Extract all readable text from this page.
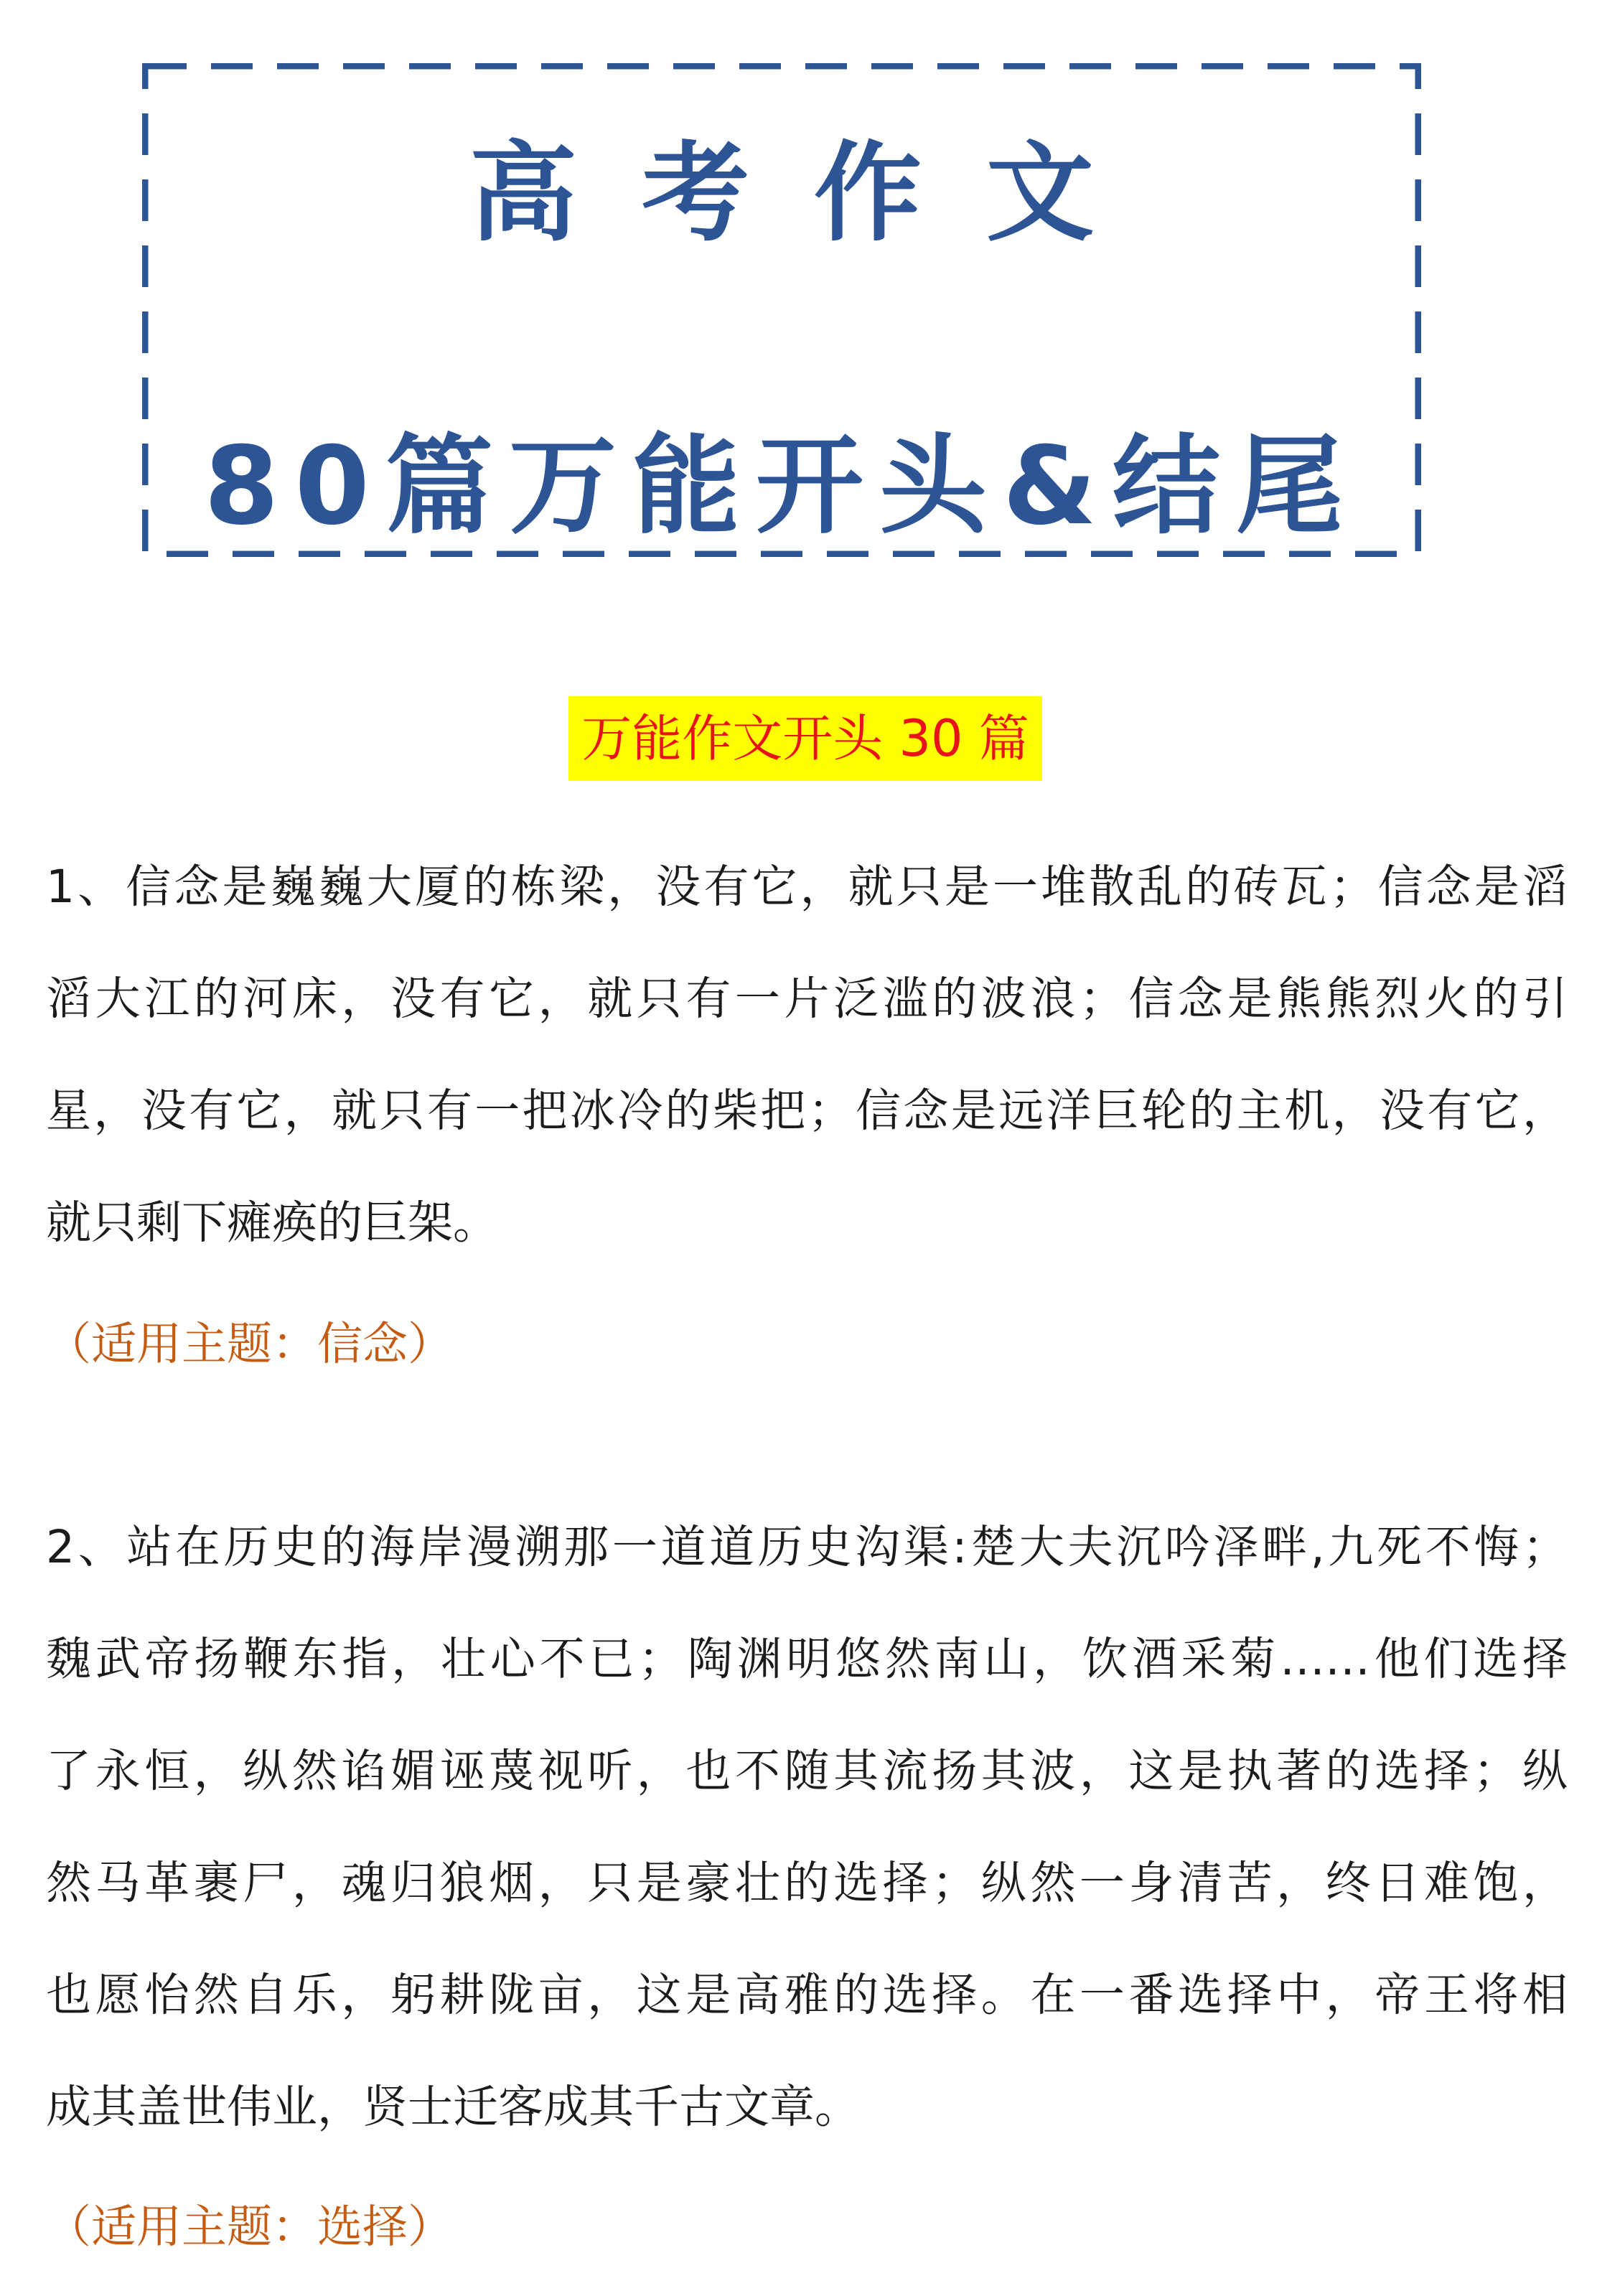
高考作文
80篇万能开头&结尾
万能作文开头 30 篇
1、信念是巍巍大厦的栋梁，没有它，就只是一堆散乱的砖瓦；信念是滔
滔大江的河床，没有它，就只有一片泛滥的波浪；信念是熊熊烈火的引
星，没有它，就只有一把冰冷的柴把；信念是远洋巨轮的主机，没有它，
就只剩下瘫痪的巨架。
（适用主题：信念）
2、站在历史的海岸漫溯那一道道历史沟渠:楚大夫沉吟泽畔,九死不悔；
魏武帝扬鞭东指，壮心不已；陶渊明悠然南山，饮酒采菊……他们选择
了永恒，纵然谄媚诬蔑视听，也不随其流扬其波，这是执著的选择；纵
然马革裹尸，魂归狼烟，只是豪壮的选择；纵然一身清苦，终日难饱，
也愿怡然自乐，躬耕陇亩，这是高雅的选择。在一番选择中，帝王将相
成其盖世伟业，贤士迁客成其千古文章。
（适用主题：选择）
